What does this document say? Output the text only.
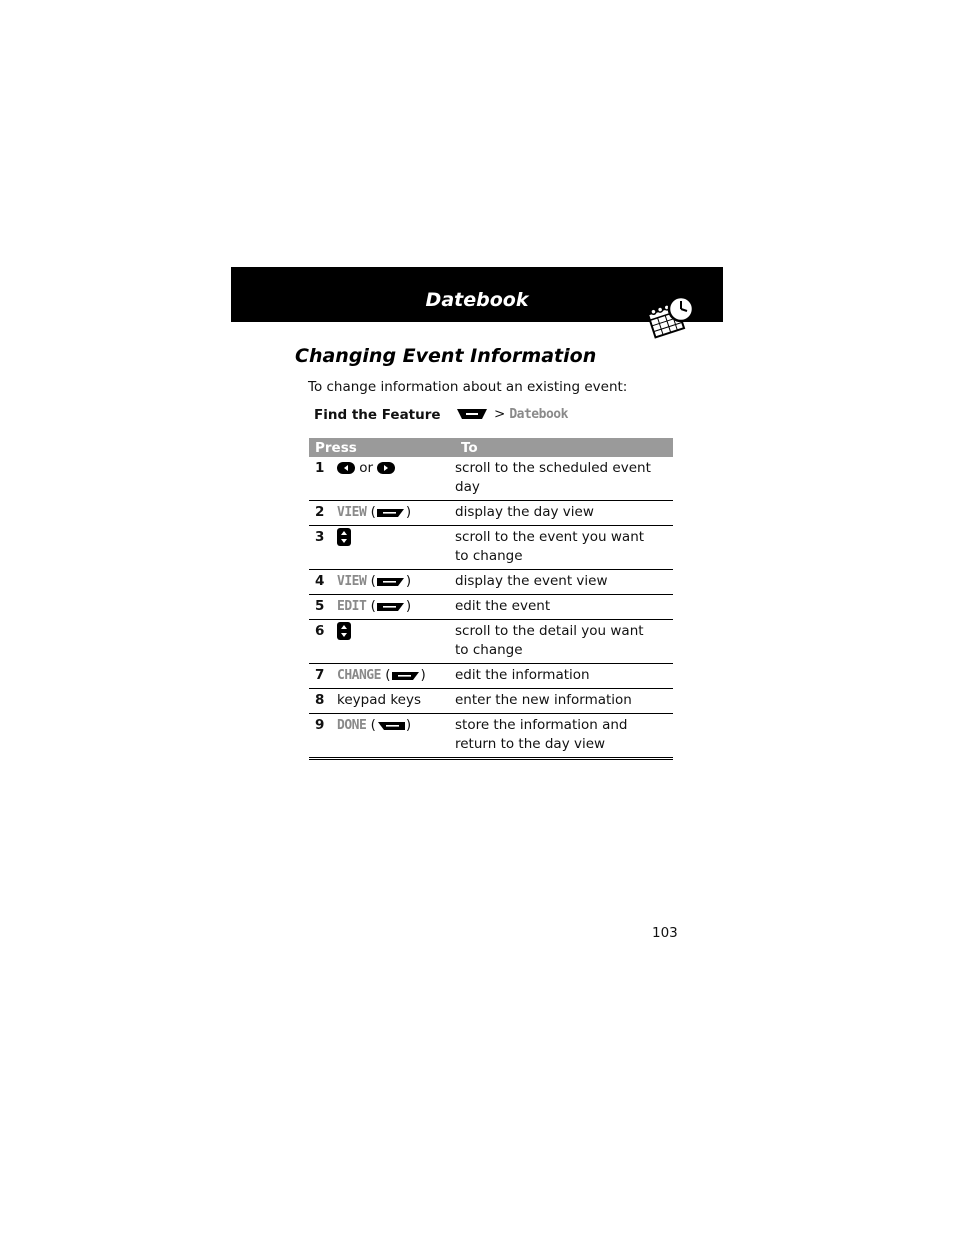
Datebook
Changing Event Information
To change information about an existing event:
Find the Feature	> Datebook
Press		To
1	or	scroll to the scheduled event day
2	VIEW ( )	display the day view
3		scroll to the event you want to change
4	VIEW ( )	display the event view
5	EDIT ( )	edit the event
6		scroll to the detail you want to change
7	CHANGE ( )	edit the information
8	keypad keys	enter the new information
9	DONE ( )	store the information and return to the day view
103
